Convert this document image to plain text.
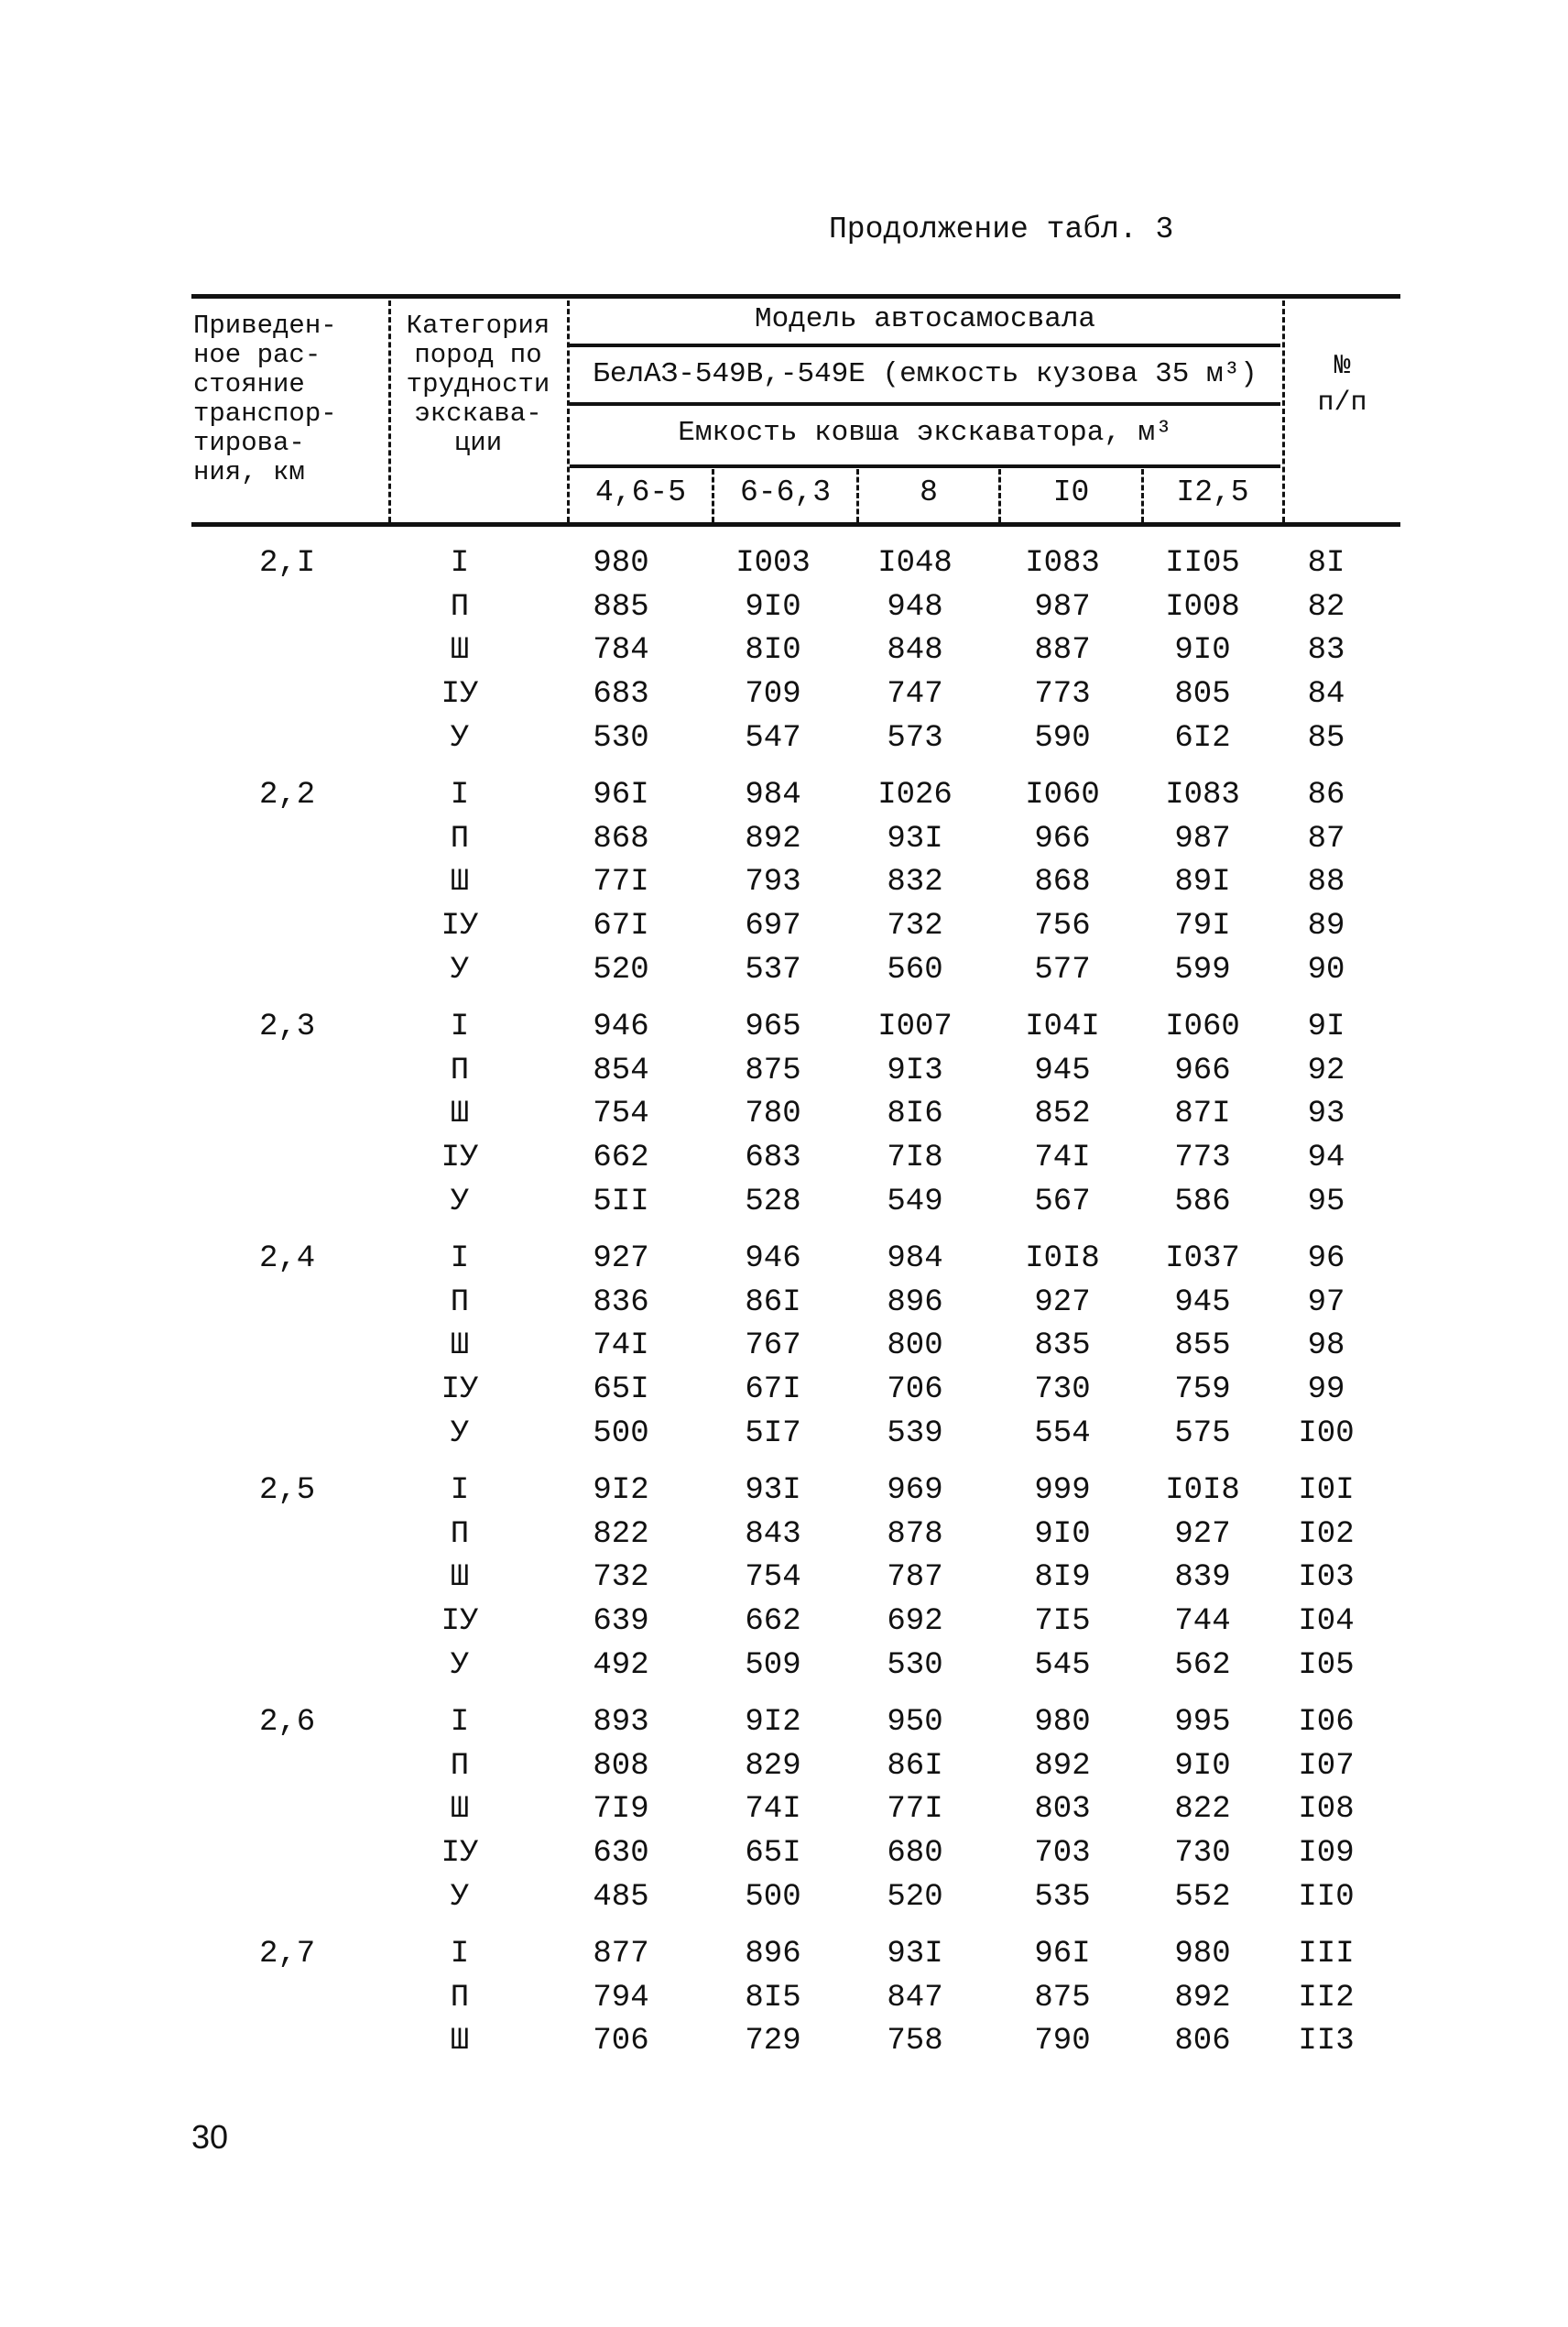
Продолжение табл. 3
Приведен-
ное рас-
стояние
транспор-
тирова-
ния, км
Категория
пород по
трудности
экскава-
ции
Модель автосамосвала
БелАЗ-549В,-549Е (емкость кузова 35 м³)
Емкость ковша экскаватора, м³
4,6-5	6-6,3	8	I0	I2,5
№
п/п
2,I	I	980	I003	I048	I083	II05	8I
П	885	9I0	948	987	I008	82
Ш	784	8I0	848	887	9I0	83
ІУ	683	709	747	773	805	84
У	530	547	573	590	6I2	85
2,2	I	96I	984	I026	I060	I083	86
П	868	892	93I	966	987	87
Ш	77I	793	832	868	89I	88
ІУ	67I	697	732	756	79I	89
У	520	537	560	577	599	90
2,3	I	946	965	I007	I04I	I060	9I
П	854	875	9I3	945	966	92
Ш	754	780	8I6	852	87I	93
ІУ	662	683	7I8	74I	773	94
У	5II	528	549	567	586	95
2,4	I	927	946	984	I0I8	I037	96
П	836	86I	896	927	945	97
Ш	74I	767	800	835	855	98
ІУ	65I	67I	706	730	759	99
У	500	5I7	539	554	575	I00
2,5	I	9I2	93I	969	999	I0I8	I0I
П	822	843	878	9I0	927	I02
Ш	732	754	787	8I9	839	I03
ІУ	639	662	692	7I5	744	I04
У	492	509	530	545	562	I05
2,6	I	893	9I2	950	980	995	I06
П	808	829	86I	892	9I0	I07
Ш	7I9	74I	77I	803	822	I08
ІУ	630	65I	680	703	730	I09
У	485	500	520	535	552	II0
2,7	I	877	896	93I	96I	980	III
П	794	8I5	847	875	892	II2
Ш	706	729	758	790	806	II3
30
